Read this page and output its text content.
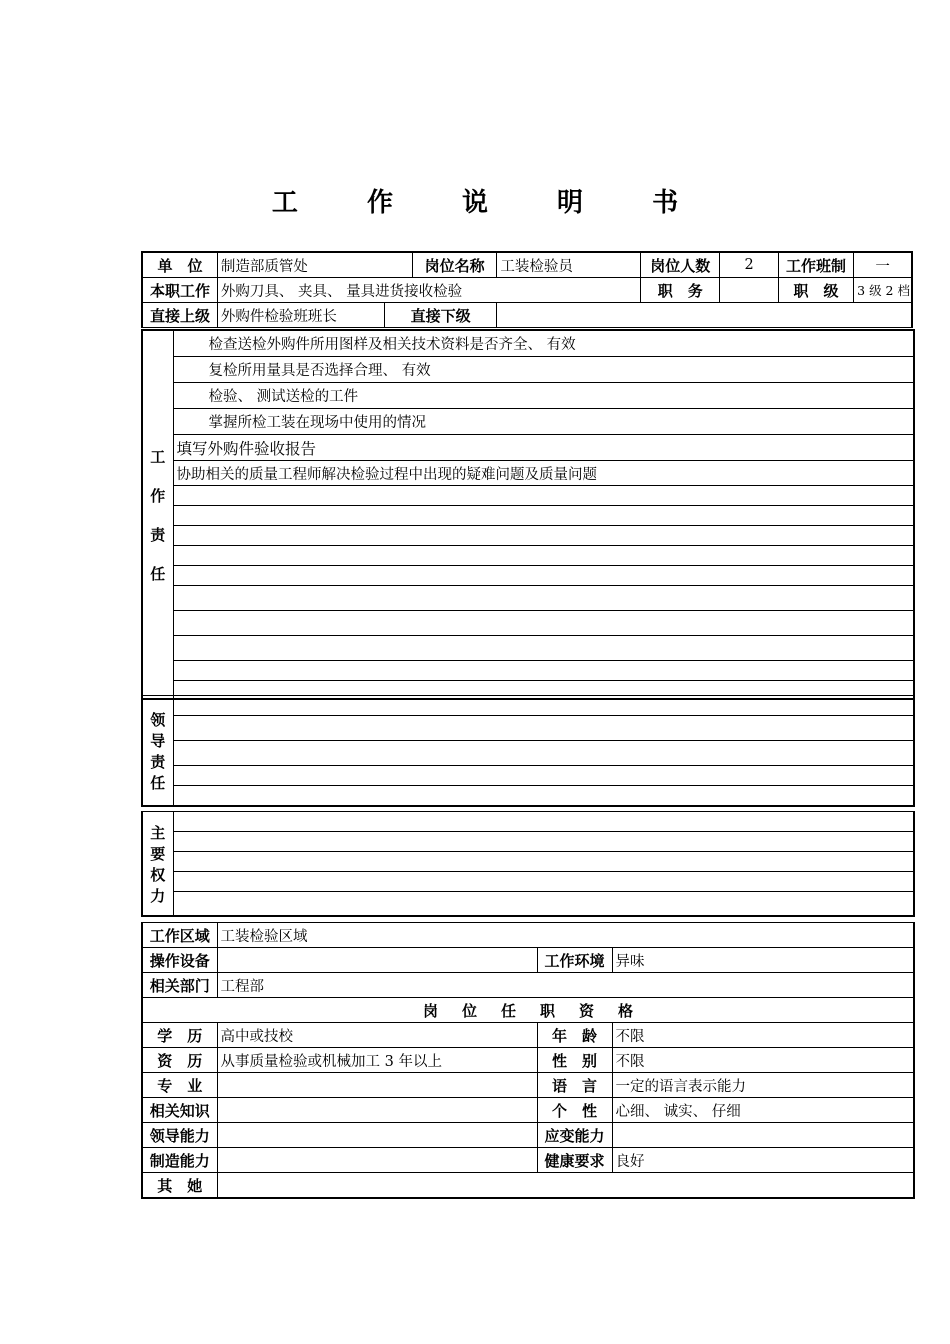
工 作 说 明 书
单　位	制造部质管处	岗位名称	工装检验员	岗位人数	2	工作班制	一
本职工作	外购刀具、 夹具、 量具进货接收检验	职　务		职　级	3 级 2 档
直接上级	外购件检验班班长	直接下级

工

作

责

任
	检查送检外购件所用图样及相关技术资料是否齐全、 有效
复检所用量具是否选择合理、 有效
检验、 测试送检的工件
掌握所检工装在现场中使用的情况
填写外购件验收报告
协助相关的质量工程师解决检验过程中出现的疑难问题及质量问题

领
导
责
任

主
要
权
力

工作区域	工装检验区域		
操作设备		工作环境	异味
相关部门	工程部		
岗位任职资格			
学　历	高中或技校	年　龄	不限
资　历	从事质量检验或机械加工 3 年以上	性　别	不限
专　业		语　言	一定的语言表示能力
相关知识		个　性	心细、 诚实、 仔细
领导能力		应变能力	
制造能力		健康要求	良好
其　她			
